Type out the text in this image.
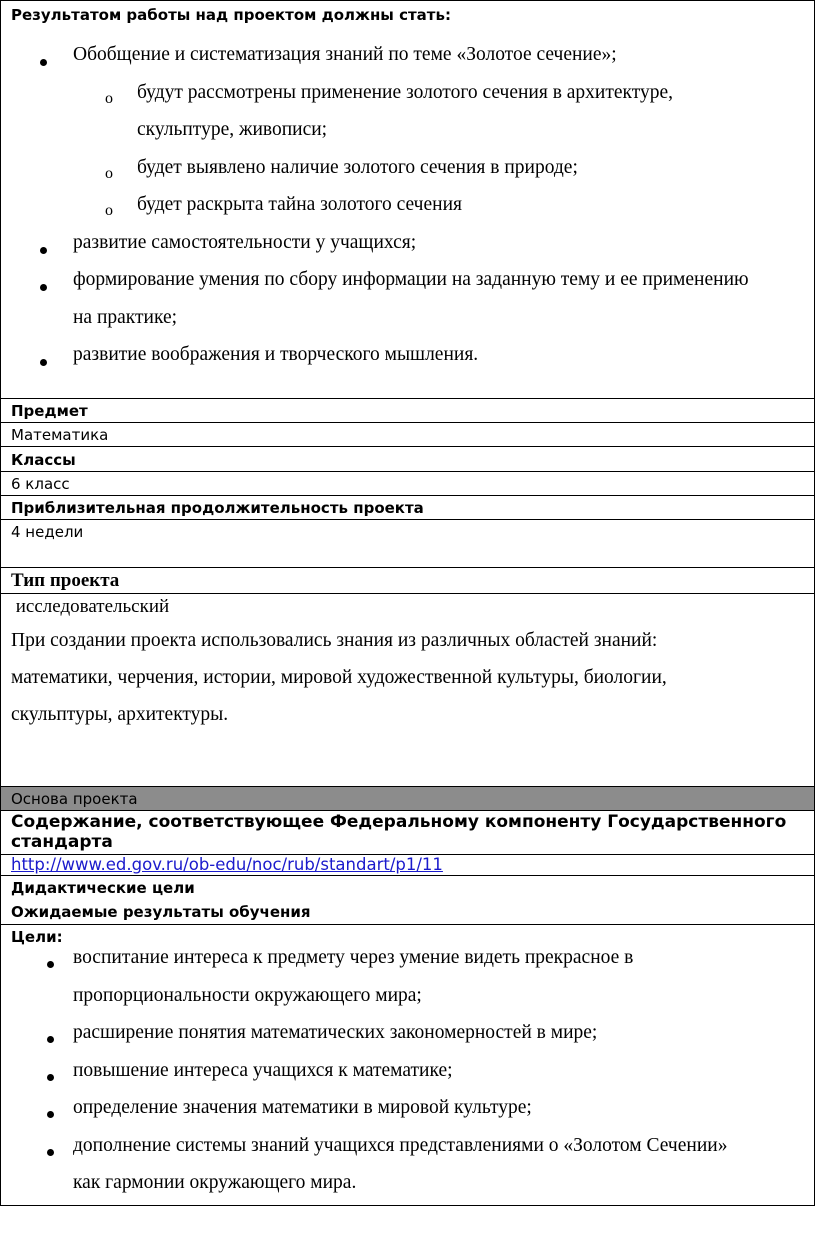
Результатом работы над проектом должны стать:
Обобщение и систематизация знаний по теме «Золотое сечение»;
o будут рассмотрены применение золотого сечения в архитектуре,
скульптуре, живописи;
o будет выявлено наличие золотого сечения в природе;
o будет раскрыта тайна золотого сечения
развитие самостоятельности у учащихся;
формирование умения по сбору информации на заданную тему и ее применению
на практике;
развитие воображения и творческого мышления.
Предмет
Математика
Классы
6 класс
Приблизительная продолжительность проекта
4 недели
Тип проекта
исследовательский
При создании проекта использовались знания из различных областей знаний:
математики, черчения, истории, мировой художественной культуры, биологии,
скульптуры, архитектуры.
Основа проекта
Содержание, соответствующее Федеральному компоненту Государственного
стандарта
http://www.ed.gov.ru/ob-edu/noc/rub/standart/p1/11
Дидактические цели
Ожидаемые результаты обучения
Цели:
воспитание интереса к предмету через умение видеть прекрасное в
пропорциональности окружающего мира;
расширение понятия математических закономерностей в мире;
повышение интереса учащихся к математике;
определение значения математики в мировой культуре;
дополнение системы знаний учащихся представлениями о «Золотом Сечении»
как гармонии окружающего мира.
